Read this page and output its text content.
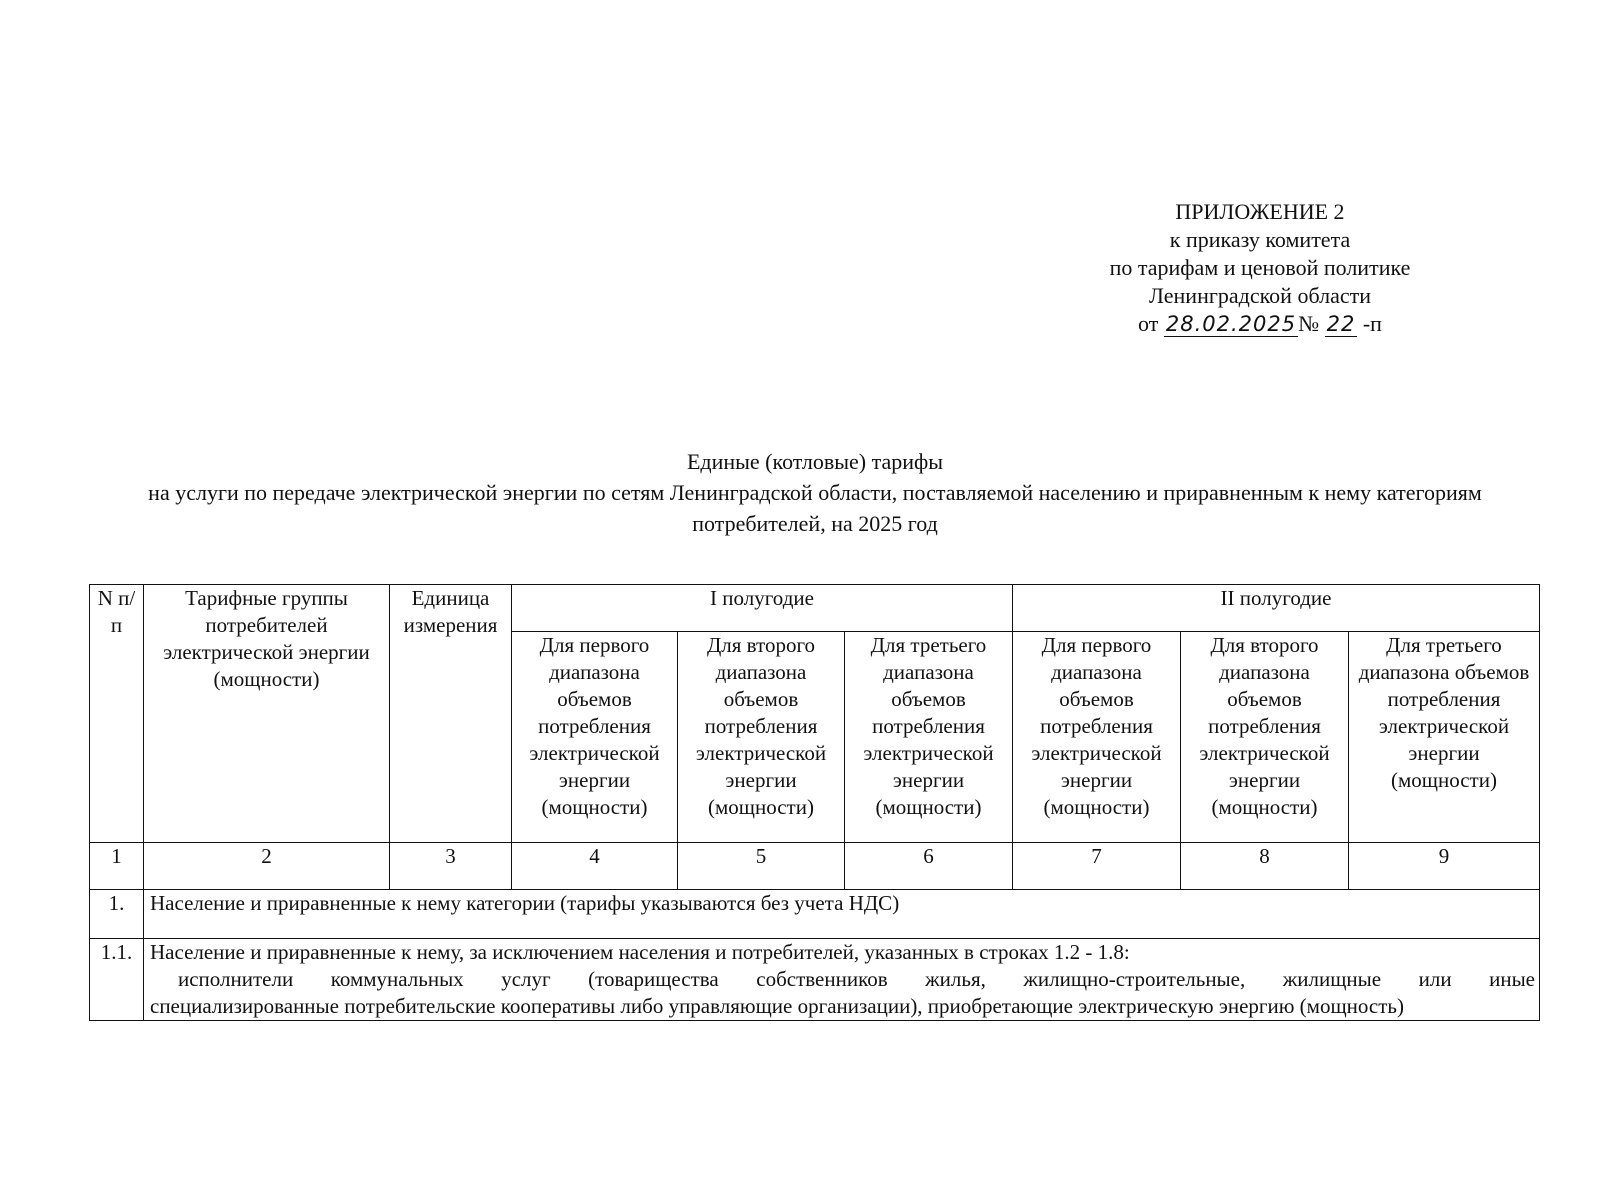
ПРИЛОЖЕНИЕ 2
к приказу комитета
по тарифам и ценовой политике
Ленинградской области
от 28.02.2025№ 22 -п
Единые (котловые) тарифы
на услуги по передаче электрической энергии по сетям Ленинградской области, поставляемой населению и приравненным к нему категориям
потребителей, на 2025 год
N п/п	Тарифные группы потребителей электрической энергии (мощности)	Единица измерения	I полугодие			II полугодие		
			Для первого диапазона объемов потребления электрической энергии (мощности)	Для второго диапазона объемов потребления электрической энергии (мощности)	Для третьего диапазона объемов потребления электрической энергии (мощности)	Для первого диапазона объемов потребления электрической энергии (мощности)	Для второго диапазона объемов потребления электрической энергии (мощности)	Для третьего диапазона объемов потребления электрической энергии (мощности)
1	2	3	4	5	6	7	8	9
1.	Население и приравненные к нему категории (тарифы указываются без учета НДС)							
1.1.	Население и приравненные к нему, за исключением населения и потребителей, указанных в строках 1.2 - 1.8:
исполнители коммунальных услуг (товарищества собственников жилья, жилищно-строительные, жилищные или иные
специализированные потребительские кооперативы либо управляющие организации), приобретающие электрическую энергию (мощность)							
